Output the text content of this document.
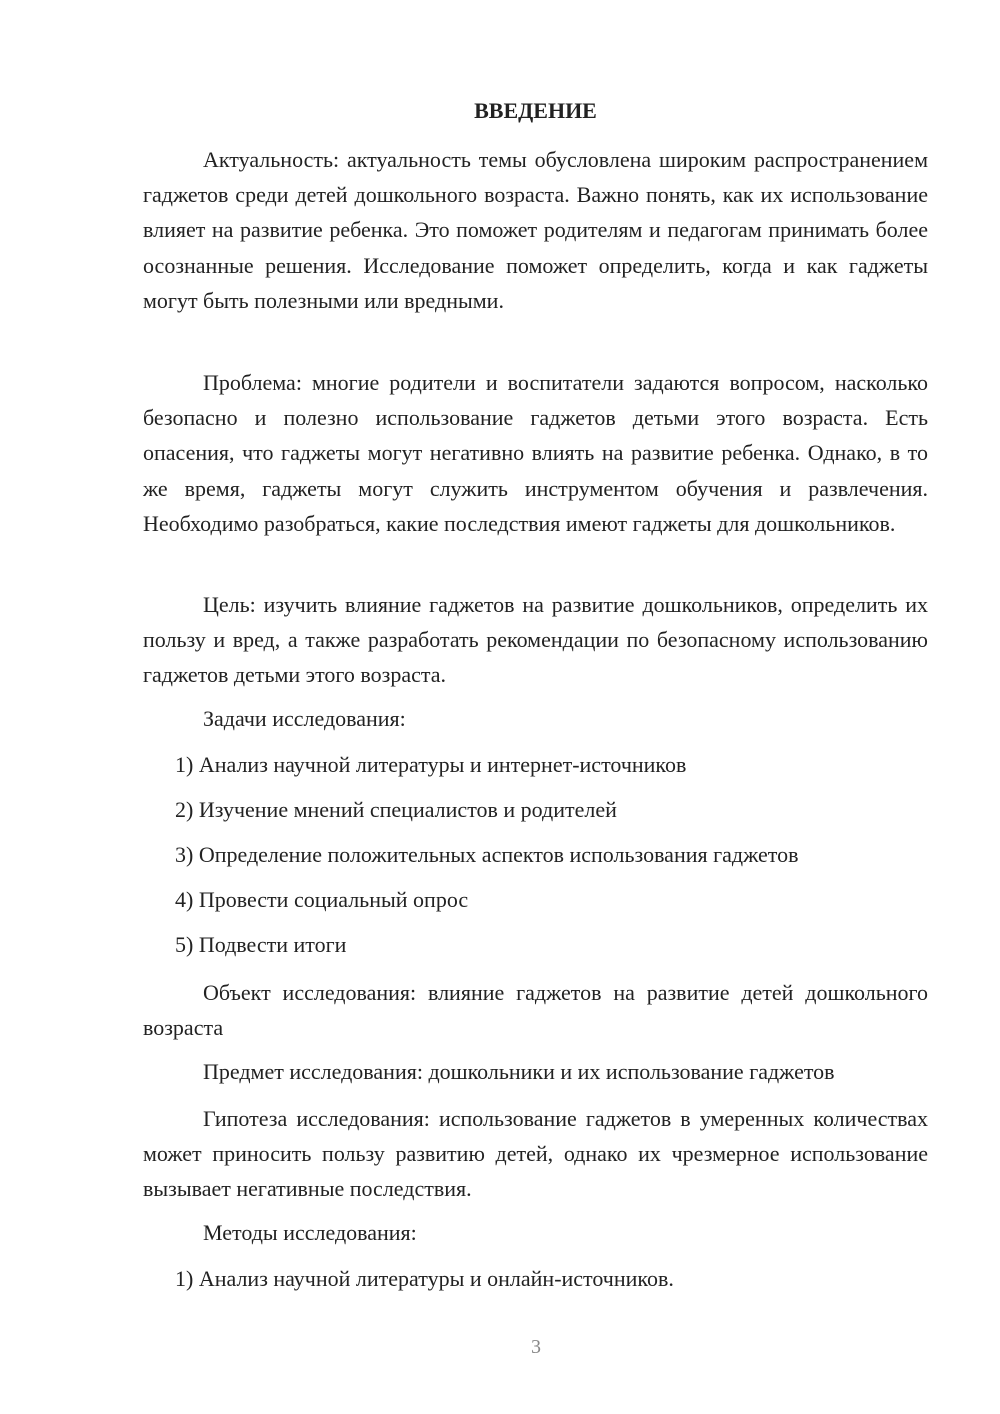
ВВЕДЕНИЕ

Актуальность: актуальность темы обусловлена широким распространением гаджетов среди детей дошкольного возраста. Важно понять, как их использование влияет на развитие ребенка. Это поможет родителям и педагогам принимать более осознанные решения. Исследование поможет определить, когда и как гаджеты могут быть полезными или вредными.

Проблема: многие родители и воспитатели задаются вопросом, насколько безопасно и полезно использование гаджетов детьми этого возраста. Есть опасения, что гаджеты могут негативно влиять на развитие ребенка. Однако, в то же время, гаджеты могут служить инструментом обучения и развлечения. Необходимо разобраться, какие последствия имеют гаджеты для дошкольников.

Цель: изучить влияние гаджетов на развитие дошкольников, определить их пользу и вред, а также разработать рекомендации по безопасному использованию гаджетов детьми этого возраста.

Задачи исследования:

1) Анализ научной литературы и интернет-источников

2) Изучение мнений специалистов и родителей

3) Определение положительных аспектов использования гаджетов

4) Провести социальный опрос

5) Подвести итоги

Объект исследования: влияние гаджетов на развитие детей дошкольного возраста

Предмет исследования: дошкольники и их использование гаджетов

Гипотеза исследования: использование гаджетов в умеренных количествах может приносить пользу развитию детей, однако их чрезмерное использование вызывает негативные последствия.

Методы исследования:

1) Анализ научной литературы и онлайн-источников.

3
